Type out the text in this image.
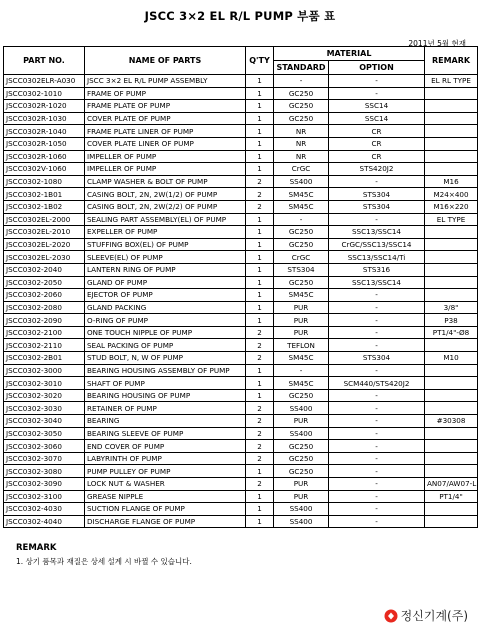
JSCC 3×2 EL R/L PUMP 부품 표
2011년 5월 현재
PART NO.	NAME OF PARTS	Q'TY	MATERIAL		REMARK
			STANDARD	OPTION	
JSCC0302ELR-A030	JSCC 3×2 EL R/L PUMP ASSEMBLY	1	-	-	EL RL TYPE
JSCC0302-1010	FRAME OF PUMP	1	GC250	-	
JSCC0302R-1020	FRAME PLATE OF PUMP	1	GC250	SSC14	
JSCC0302R-1030	COVER PLATE OF PUMP	1	GC250	SSC14	
JSCC0302R-1040	FRAME PLATE LINER OF PUMP	1	NR	CR	
JSCC0302R-1050	COVER PLATE LINER OF PUMP	1	NR	CR	
JSCC0302R-1060	IMPELLER OF PUMP	1	NR	CR	
JSCC0302V-1060	IMPELLER OF PUMP	1	CrGC	STS420J2	
JSCC0302-1080	CLAMP WASHER & BOLT OF PUMP	2	SS400	-	M16
JSCC0302-1B01	CASING BOLT, 2N, 2W(1/2) OF PUMP	2	SM45C	STS304	M24×400
JSCC0302-1B02	CASING BOLT, 2N, 2W(2/2) OF PUMP	2	SM45C	STS304	M16×220
JSCC0302EL-2000	SEALING PART ASSEMBLY(EL) OF PUMP	1	-	-	EL TYPE
JSCC0302EL-2010	EXPELLER OF PUMP	1	GC250	SSC13/SSC14	
JSCC0302EL-2020	STUFFING BOX(EL) OF PUMP	1	GC250	CrGC/SSC13/SSC14	
JSCC0302EL-2030	SLEEVE(EL) OF PUMP	1	CrGC	SSC13/SSC14/Ti	
JSCC0302-2040	LANTERN RING OF PUMP	1	STS304	STS316	
JSCC0302-2050	GLAND OF PUMP	1	GC250	SSC13/SSC14	
JSCC0302-2060	EJECTOR OF PUMP	1	SM45C	-	
JSCC0302-2080	GLAND PACKING	1	PUR	-	3/8"
JSCC0302-2090	O-RING OF PUMP	1	PUR	-	P38
JSCC0302-2100	ONE TOUCH NIPPLE OF PUMP	2	PUR	-	PT1/4"-Ø8
JSCC0302-2110	SEAL PACKING OF PUMP	2	TEFLON	-	
JSCC0302-2B01	STUD BOLT, N, W OF PUMP	2	SM45C	STS304	M10
JSCC0302-3000	BEARING HOUSING ASSEMBLY OF PUMP	1	-	-	
JSCC0302-3010	SHAFT OF PUMP	1	SM45C	SCM440/STS420J2	
JSCC0302-3020	BEARING HOUSING OF PUMP	1	GC250	-	
JSCC0302-3030	RETAINER OF PUMP	2	SS400	-	
JSCC0302-3040	BEARING	2	PUR	-	#30308
JSCC0302-3050	BEARING SLEEVE OF PUMP	2	SS400	-	
JSCC0302-3060	END COVER OF PUMP	2	GC250	-	
JSCC0302-3070	LABYRINTH OF PUMP	2	GC250	-	
JSCC0302-3080	PUMP PULLEY OF PUMP	1	GC250	-	
JSCC0302-3090	LOCK NUT & WASHER	2	PUR	-	AN07/AW07-L
JSCC0302-3100	GREASE NIPPLE	1	PUR	-	PT1/4"
JSCC0302-4030	SUCTION FLANGE OF PUMP	1	SS400	-	
JSCC0302-4040	DISCHARGE FLANGE OF PUMP	1	SS400	-	
REMARK
1. 상기 품목과 재질은 상세 설계 시 바뀔 수 있습니다.
정신기계(주)
